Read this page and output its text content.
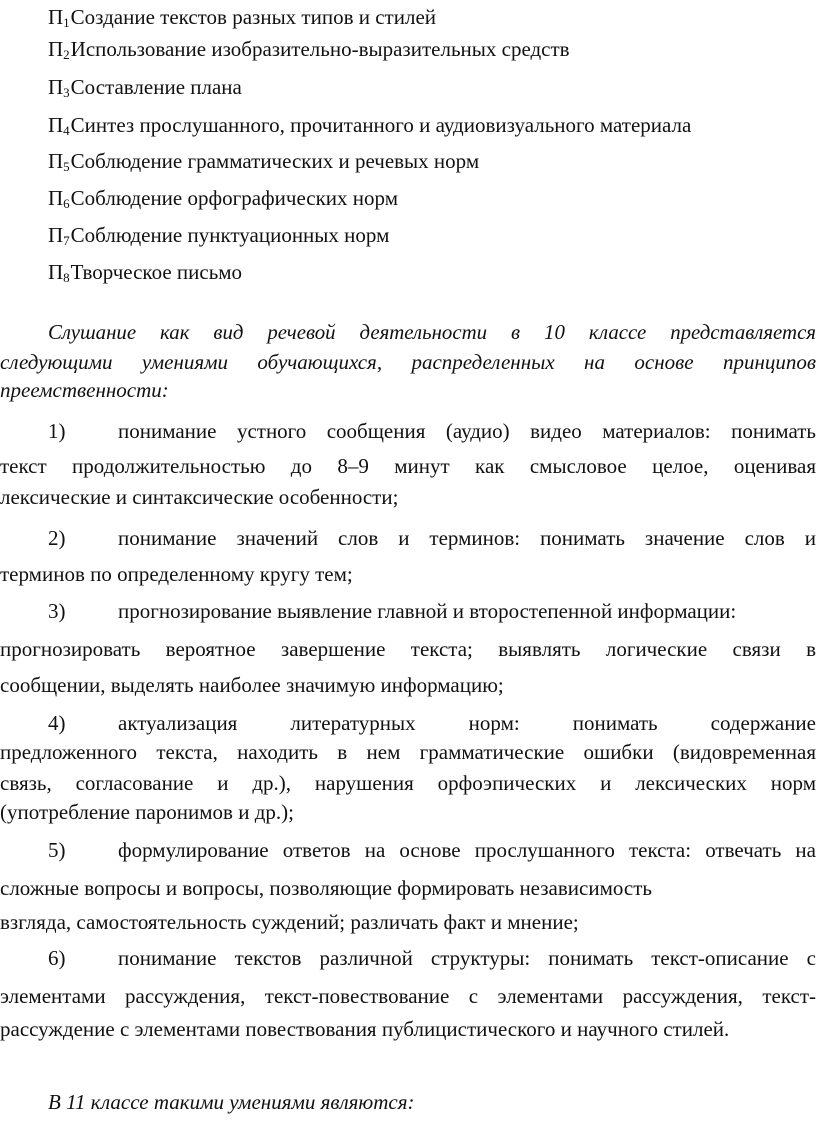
$П_1Создание$ текстов разных типов и стилей
$П_2Использование$ изобразительно-выразительных средств
$П_3Составление$ плана
$П_4Синтез$ прослушанного, прочитанного и аудиовизуального материала
$П_5Соблюдение$ грамматических и речевых норм
$П_6Соблюдение$ орфографических норм
$П_7Соблюдение$ пунктуационных норм
$П_8Творческое$ письмо
Слушание как вид речевой деятельности в 10 классе представляется
следующими умениями обучающихся, распределенных на основе принципов
преемственности:
1)	понимание устного сообщения (аудио) видео материалов: понимать
текст продолжительностью до 8–9 минут как смысловое целое, оценивая
лексические и синтаксические особенности;
2)	понимание значений слов и терминов: понимать значение слов и
терминов по определенному кругу тем;
3)	прогнозирование выявление главной и второстепенной информации:
прогнозировать вероятное завершение текста; выявлять логические связи в
сообщении, выделять наиболее значимую информацию;
4)	актуализация литературных норм: понимать содержание
предложенного текста, находить в нем грамматические ошибки (видовременная
связь, согласование и др.), нарушения орфоэпических и лексических норм
(употребление паронимов и др.);
5)	формулирование ответов на основе прослушанного текста: отвечать на
сложные вопросы и вопросы, позволяющие формировать независимость
взгляда, самостоятельность суждений; различать факт и мнение;
6)	понимание текстов различной структуры: понимать текст-описание с
элементами рассуждения, текст-повествование с элементами рассуждения, текст-
рассуждение с элементами повествования публицистического и научного стилей.
В 11 классе такими умениями являются:
